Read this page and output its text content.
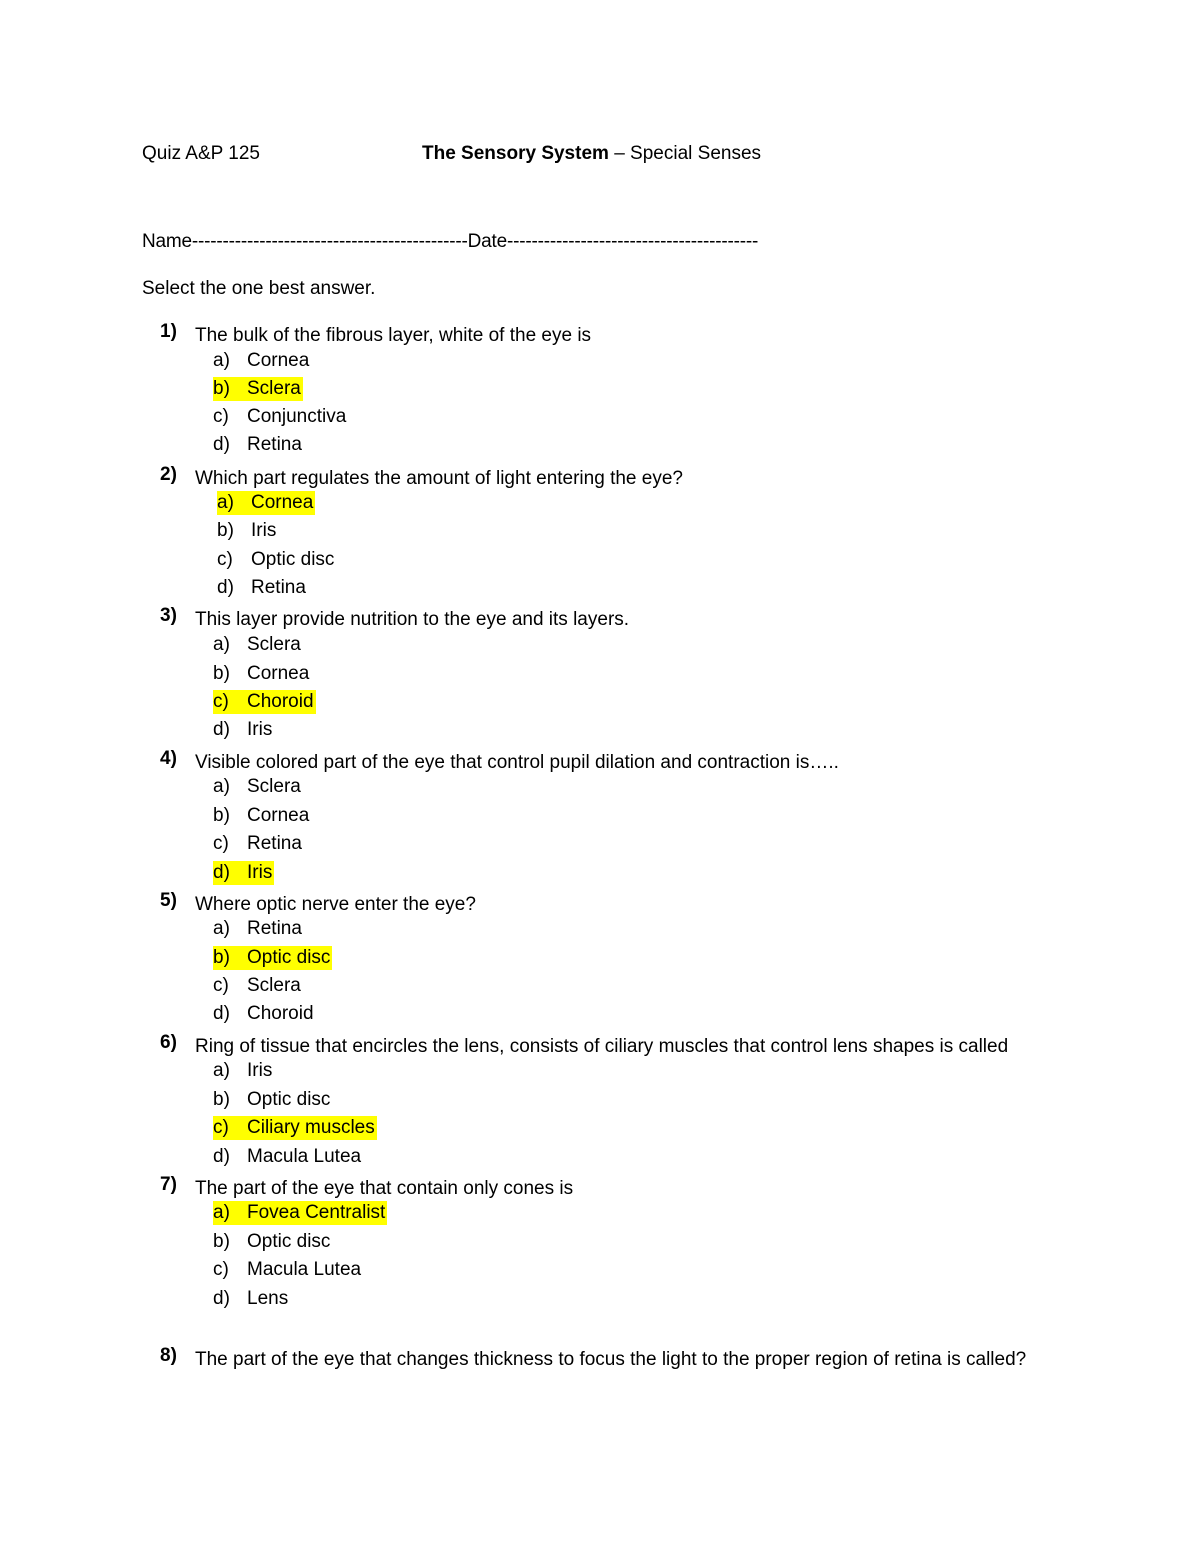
Quiz A&P 125	The Sensory System – Special Senses
Name---------------------------------------------Date-----------------------------------------
Select the one best answer.
1) The bulk of the fibrous layer, white of the eye is
a) Cornea
b) Sclera
c) Conjunctiva
d) Retina
2) Which part regulates the amount of light entering the eye?
a) Cornea
b) Iris
c) Optic disc
d) Retina
3) This layer provide nutrition to the eye and its layers.
a) Sclera
b) Cornea
c) Choroid
d) Iris
4) Visible colored part of the eye that control pupil dilation and contraction is…..
a) Sclera
b) Cornea
c) Retina
d) Iris
5) Where optic nerve enter the eye?
a) Retina
b) Optic disc
c) Sclera
d) Choroid
6) Ring of tissue that encircles the lens, consists of ciliary muscles that control lens shapes is called
a) Iris
b) Optic disc
c) Ciliary muscles
d) Macula Lutea
7) The part of the eye that contain only cones is
a) Fovea Centralist
b) Optic disc
c) Macula Lutea
d) Lens
8) The part of the eye that changes thickness to focus the light to the proper region of retina is called?
